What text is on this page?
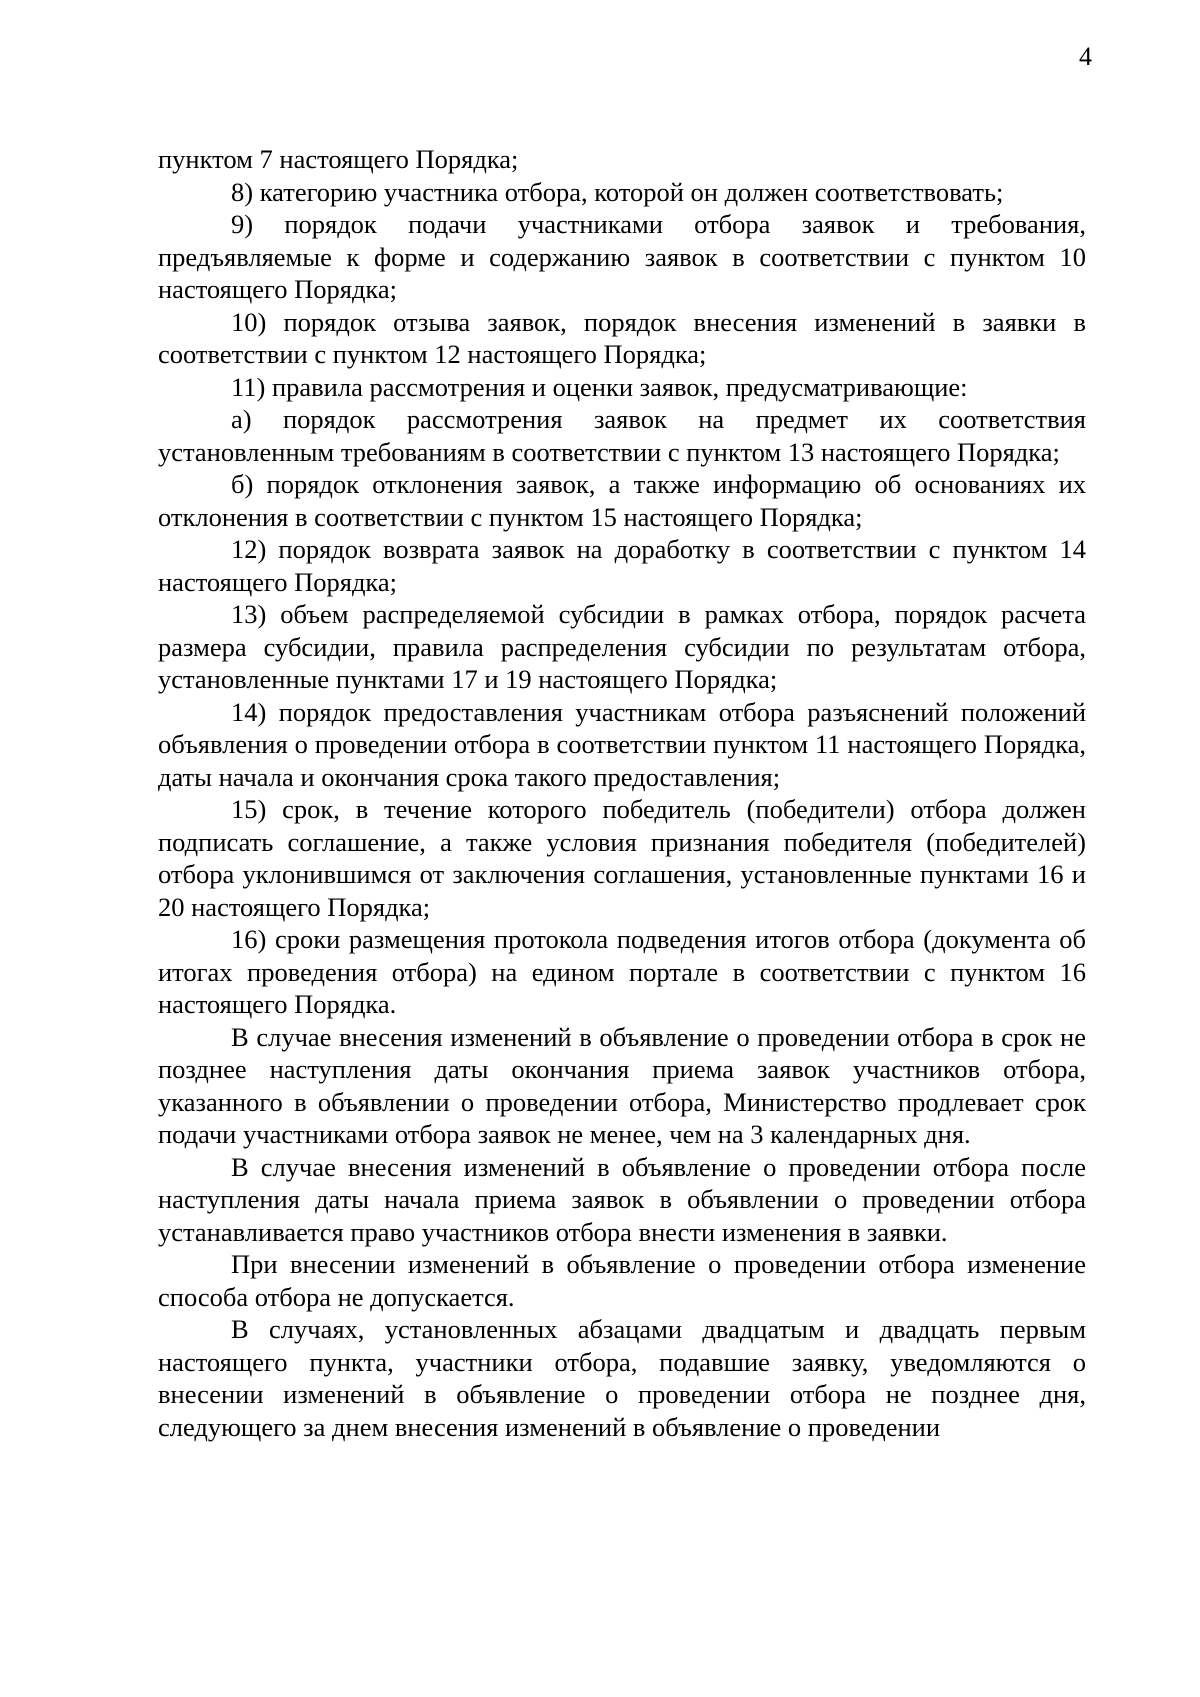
4

пунктом 7 настоящего Порядка;

8) категорию участника отбора, которой он должен соответствовать;

9) порядок подачи участниками отбора заявок и требования, предъявляемые к форме и содержанию заявок в соответствии с пунктом 10 настоящего Порядка;

10) порядок отзыва заявок, порядок внесения изменений в заявки в соответствии с пунктом 12 настоящего Порядка;

11) правила рассмотрения и оценки заявок, предусматривающие:

а) порядок рассмотрения заявок на предмет их соответствия установленным требованиям в соответствии с пунктом 13 настоящего Порядка;

б) порядок отклонения заявок, а также информацию об основаниях их отклонения в соответствии с пунктом 15 настоящего Порядка;

12) порядок возврата заявок на доработку в соответствии с пунктом 14 настоящего Порядка;

13) объем распределяемой субсидии в рамках отбора, порядок расчета размера субсидии, правила распределения субсидии по результатам отбора, установленные пунктами 17 и 19 настоящего Порядка;

14) порядок предоставления участникам отбора разъяснений положений объявления о проведении отбора в соответствии пунктом 11 настоящего Порядка, даты начала и окончания срока такого предоставления;

15) срок, в течение которого победитель (победители) отбора должен подписать соглашение, а также условия признания победителя (победителей) отбора уклонившимся от заключения соглашения, установленные пунктами 16 и 20 настоящего Порядка;

16) сроки размещения протокола подведения итогов отбора (документа об итогах проведения отбора) на едином портале в соответствии с пунктом 16 настоящего Порядка.

В случае внесения изменений в объявление о проведении отбора в срок не позднее наступления даты окончания приема заявок участников отбора, указанного в объявлении о проведении отбора, Министерство продлевает срок подачи участниками отбора заявок не менее, чем на 3 календарных дня.

В случае внесения изменений в объявление о проведении отбора после наступления даты начала приема заявок в объявлении о проведении отбора устанавливается право участников отбора внести изменения в заявки.

При внесении изменений в объявление о проведении отбора изменение способа отбора не допускается.

В случаях, установленных абзацами двадцатым и двадцать первым настоящего пункта, участники отбора, подавшие заявку, уведомляются о внесении изменений в объявление о проведении отбора не позднее дня, следующего за днем внесения изменений в объявление о проведении
